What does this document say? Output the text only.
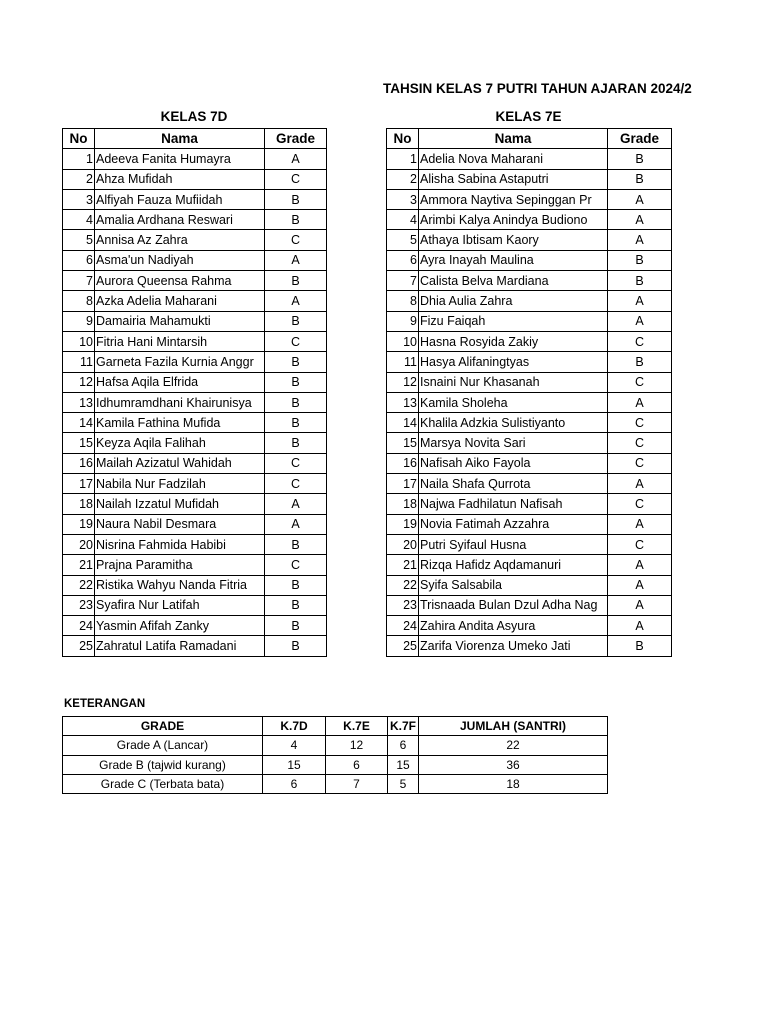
TAHSIN KELAS 7 PUTRI TAHUN AJARAN 2024/2
KELAS 7D	KELAS 7E
No	Nama	Grade
1	Adeeva Fanita Humayra	A
2	Ahza Mufidah	C
3	Alfiyah Fauza Mufiidah	B
4	Amalia Ardhana Reswari	B
5	Annisa Az Zahra	C
6	Asma'un Nadiyah	A
7	Aurora Queensa Rahma	B
8	Azka Adelia Maharani	A
9	Damairia Mahamukti	B
10	Fitria Hani Mintarsih	C
11	Garneta Fazila Kurnia Anggr	B
12	Hafsa Aqila Elfrida	B
13	Idhumramdhani Khairunisya	B
14	Kamila Fathina Mufida	B
15	Keyza Aqila Falihah	B
16	Mailah Azizatul Wahidah	C
17	Nabila Nur Fadzilah	C
18	Nailah Izzatul Mufidah	A
19	Naura Nabil Desmara	A
20	Nisrina Fahmida Habibi	B
21	Prajna Paramitha	C
22	Ristika Wahyu Nanda Fitria	B
23	Syafira Nur Latifah	B
24	Yasmin Afifah Zanky	B
25	Zahratul Latifa Ramadani	B
No	Nama	Grade
1	Adelia Nova Maharani	B
2	Alisha Sabina Astaputri	B
3	Ammora Naytiva Sepinggan Pr	A
4	Arimbi Kalya Anindya Budiono	A
5	Athaya Ibtisam Kaory	A
6	Ayra Inayah Maulina	B
7	Calista Belva Mardiana	B
8	Dhia Aulia Zahra	A
9	Fizu Faiqah	A
10	Hasna Rosyida Zakiy	C
11	Hasya Alifaningtyas	B
12	Isnaini Nur Khasanah	C
13	Kamila Sholeha	A
14	Khalila Adzkia Sulistiyanto	C
15	Marsya Novita Sari	C
16	Nafisah Aiko Fayola	C
17	Naila Shafa Qurrota	A
18	Najwa Fadhilatun Nafisah	C
19	Novia Fatimah Azzahra	A
20	Putri Syifaul Husna	C
21	Rizqa Hafidz Aqdamanuri	A
22	Syifa Salsabila	A
23	Trisnaada Bulan Dzul Adha Nag	A
24	Zahira Andita Asyura	A
25	Zarifa Viorenza Umeko Jati	B
KETERANGAN
GRADE	K.7D	K.7E	K.7F	JUMLAH (SANTRI)
Grade A (Lancar)	4	12	6	22
Grade B (tajwid kurang)	15	6	15	36
Grade C (Terbata bata)	6	7	5	18
